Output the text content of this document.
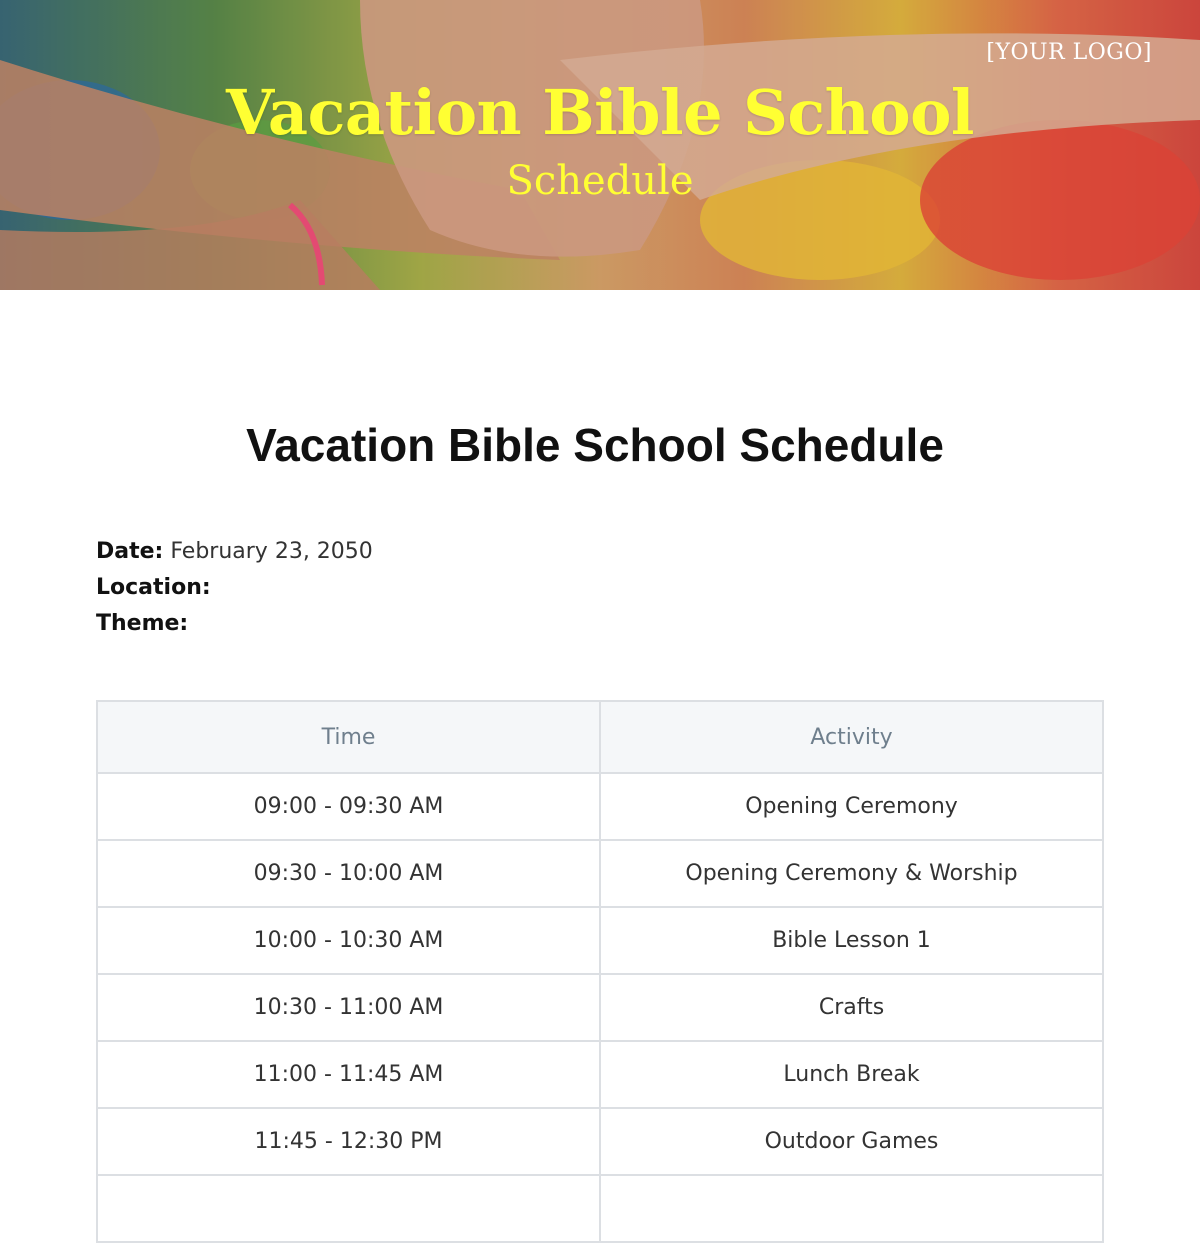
[YOUR LOGO]
Vacation Bible School
Schedule
Vacation Bible School Schedule
Date: February 23, 2050
Location:
Theme:
Time	Activity
09:00 - 09:30 AM	Opening Ceremony
09:30 - 10:00 AM	Opening Ceremony & Worship
10:00 - 10:30 AM	Bible Lesson 1
10:30 - 11:00 AM	Crafts
11:00 - 11:45 AM	Lunch Break
11:45 - 12:30 PM	Outdoor Games
